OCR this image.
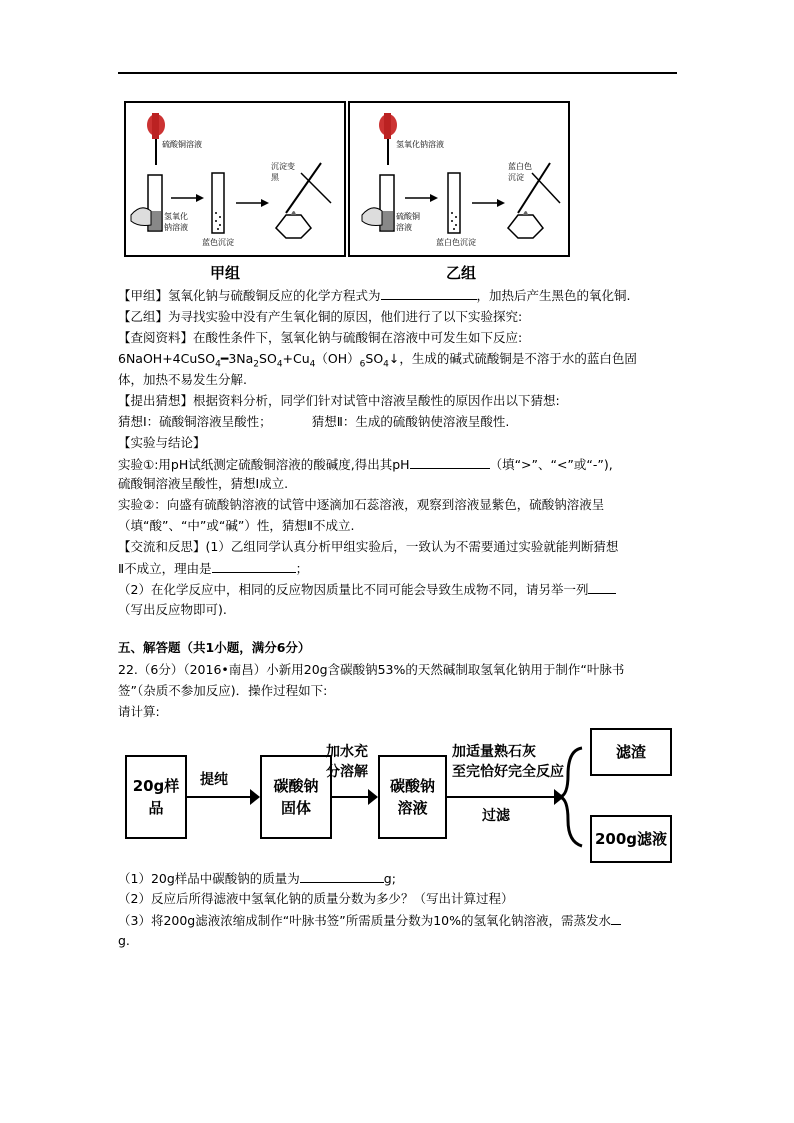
硫酸铜溶液
氢氧化钠溶液
蓝色沉淀
沉淀变黑
氢氧化钠溶液
硫酸铜溶液
蓝白色沉淀
蓝白色沉淀
甲组	乙组
【甲组】氢氧化钠与硫酸铜反应的化学方程式为	，加热后产生黑色的氧化铜.
【乙组】为寻找实验中没有产生氧化铜的原因，他们进行了以下实验探究:
【查阅资料】在酸性条件下，氢氧化钠与硫酸铜在溶液中可发生如下反应:
$6NaOH+4CuSO_4━3Na_2SO_4+Cu_4(OH)_6SO_4↓$，生成的碱式硫酸铜是不溶于水的蓝白色固
体，加热不易发生分解.
【提出猜想】根据资料分析，同学们针对试管中溶液呈酸性的原因作出以下猜想:
猜想Ⅰ：硫酸铜溶液呈酸性；	猜想Ⅱ：生成的硫酸钠使溶液呈酸性.
【实验与结论】
实验①:用pH试纸测定硫酸铜溶液的酸碱度,得出其pH	（填“>”、“<”或“-”),
硫酸铜溶液呈酸性，猜想Ⅰ成立.
实验②：向盛有硫酸钠溶液的试管中逐滴加石蕊溶液，观察到溶液显紫色，硫酸钠溶液呈
（填“酸”、“中”或“碱”）性，猜想Ⅱ不成立.
【交流和反思】(1）乙组同学认真分析甲组实验后，一致认为不需要通过实验就能判断猜想
Ⅱ不成立，理由是	；
（2）在化学反应中，相同的反应物因质量比不同可能会导致生成物不同，请另举一列
（写出反应物即可).
五、解答题（共1小题，满分6分）
22.（6分）（2016•南昌）小新用20g含碳酸钠53%的天然碱制取氢氧化钠用于制作“叶脉书
签”（杂质不参加反应)．操作过程如下:
请计算:
20g样品
提纯	碳酸钠
固体
加水充
分溶解
碳酸钠
溶液
加适量熟石灰
至完恰好完全反应
过滤
滤渣
200g滤液
（1）20g样品中碳酸钠的质量为	g;
（2）反应后所得滤液中氢氧化钠的质量分数为多少？（写出计算过程）
（3）将200g滤液浓缩成制作“叶脉书签”所需质量分数为10%的氢氧化钠溶液，需蒸发水
g.
